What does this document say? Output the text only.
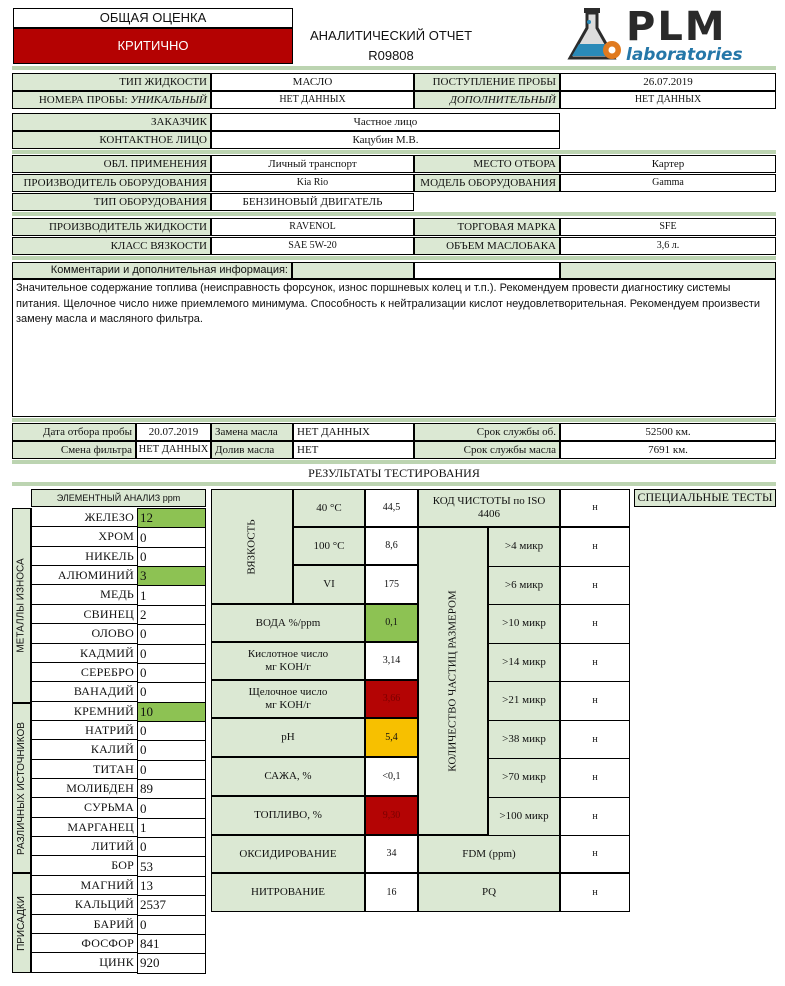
ОБЩАЯ ОЦЕНКА
КРИТИЧНО
АНАЛИТИЧЕСКИЙ ОТЧЕТ
R09808
PLM
laboratories
ТИП ЖИДКОСТИ	МАСЛО	ПОСТУПЛЕНИЕ ПРОБЫ	26.07.2019
НОМЕРА ПРОБЫ:
УНИКАЛЬНЫЙ	НЕТ ДАННЫХ	ДОПОЛНИТЕЛЬНЫЙ	НЕТ ДАННЫХ
ЗАКАЗЧИК	Частное лицо
КОНТАКТНОЕ ЛИЦО	Кацубин М.В.
ОБЛ. ПРИМЕНЕНИЯ	Личный транспорт	МЕСТО ОТБОРА	Картер
ПРОИЗВОДИТЕЛЬ ОБОРУДОВАНИЯ	Kia Rio	МОДЕЛЬ ОБОРУДОВАНИЯ	Gamma
ТИП ОБОРУДОВАНИЯ	БЕНЗИНОВЫЙ ДВИГАТЕЛЬ
ПРОИЗВОДИТЕЛЬ ЖИДКОСТИ	RAVENOL	ТОРГОВАЯ МАРКА	SFE
КЛАСС ВЯЗКОСТИ	SAE 5W-20	ОБЪЕМ МАСЛОБАКА	3,6 л.
Комментарии и дополнительная информация:
Значительное содержание топлива (неисправность форсунок, износ поршневых колец и т.п.). Рекомендуем провести диагностику системы питания. Щелочное число ниже приемлемого минимума. Способность к нейтрализации кислот неудовлетворительная. Рекомендуем произвести замену масла и масляного фильтра.
Дата отбора пробы	20.07.2019	Замена масла	НЕТ ДАННЫХ	Срок службы об.	52500 км.
Смена фильтра НЕТ ДАННЫХ Долив масла	НЕТ	Срок службы масла	7691 км.
РЕЗУЛЬТАТЫ ТЕСТИРОВАНИЯ
ЭЛЕМЕНТНЫЙ АНАЛИЗ ppm
МЕТАЛЛЫ ИЗНОСА
РАЗЛИЧНЫХ ИСТОЧНИКОВ
ПРИСАДКИ
ЖЕЛЕЗО 12
ХРОМ 0
НИКЕЛЬ 0
АЛЮМИНИЙ 3
МЕДЬ 1
СВИНЕЦ 2
ОЛОВО 0
КАДМИЙ 0
СЕРЕБРО 0
ВАНАДИЙ 0
КРЕМНИЙ 10
НАТРИЙ 0
КАЛИЙ 0
ТИТАН 0
МОЛИБДЕН 89
СУРЬМА 0
МАРГАНЕЦ 1
ЛИТИЙ 0
БОР 53
МАГНИЙ 13
КАЛЬЦИЙ 2537
БАРИЙ 0
ФОСФОР 841
ЦИНК 920
ВЯЗКОСТЬ
40 °C	44,5
100 °C	8,6
VI	175
ВОДА %/ppm	0,1
Кислотное число
мг KOH/г
3,14
Щелочное число
мг KOH/г
3,66
pH	5,4
САЖА, %	<0,1
ТОПЛИВО, %	9,30
ОКСИДИРОВАНИЕ	34
НИТРОВАНИЕ	16
КОД ЧИСТОТЫ по ISO
4406
н
КОЛИЧЕСТВО ЧАСТИЦ РАЗМЕРОМ
>4 микр	н
>6 микр	н
>10 микр	н
>14 микр	н
>21 микр	н
>38 микр	н
>70 микр	н
>100 микр	н
FDM (ppm)	н
PQ	н
СПЕЦИАЛЬНЫЕ ТЕСТЫ
